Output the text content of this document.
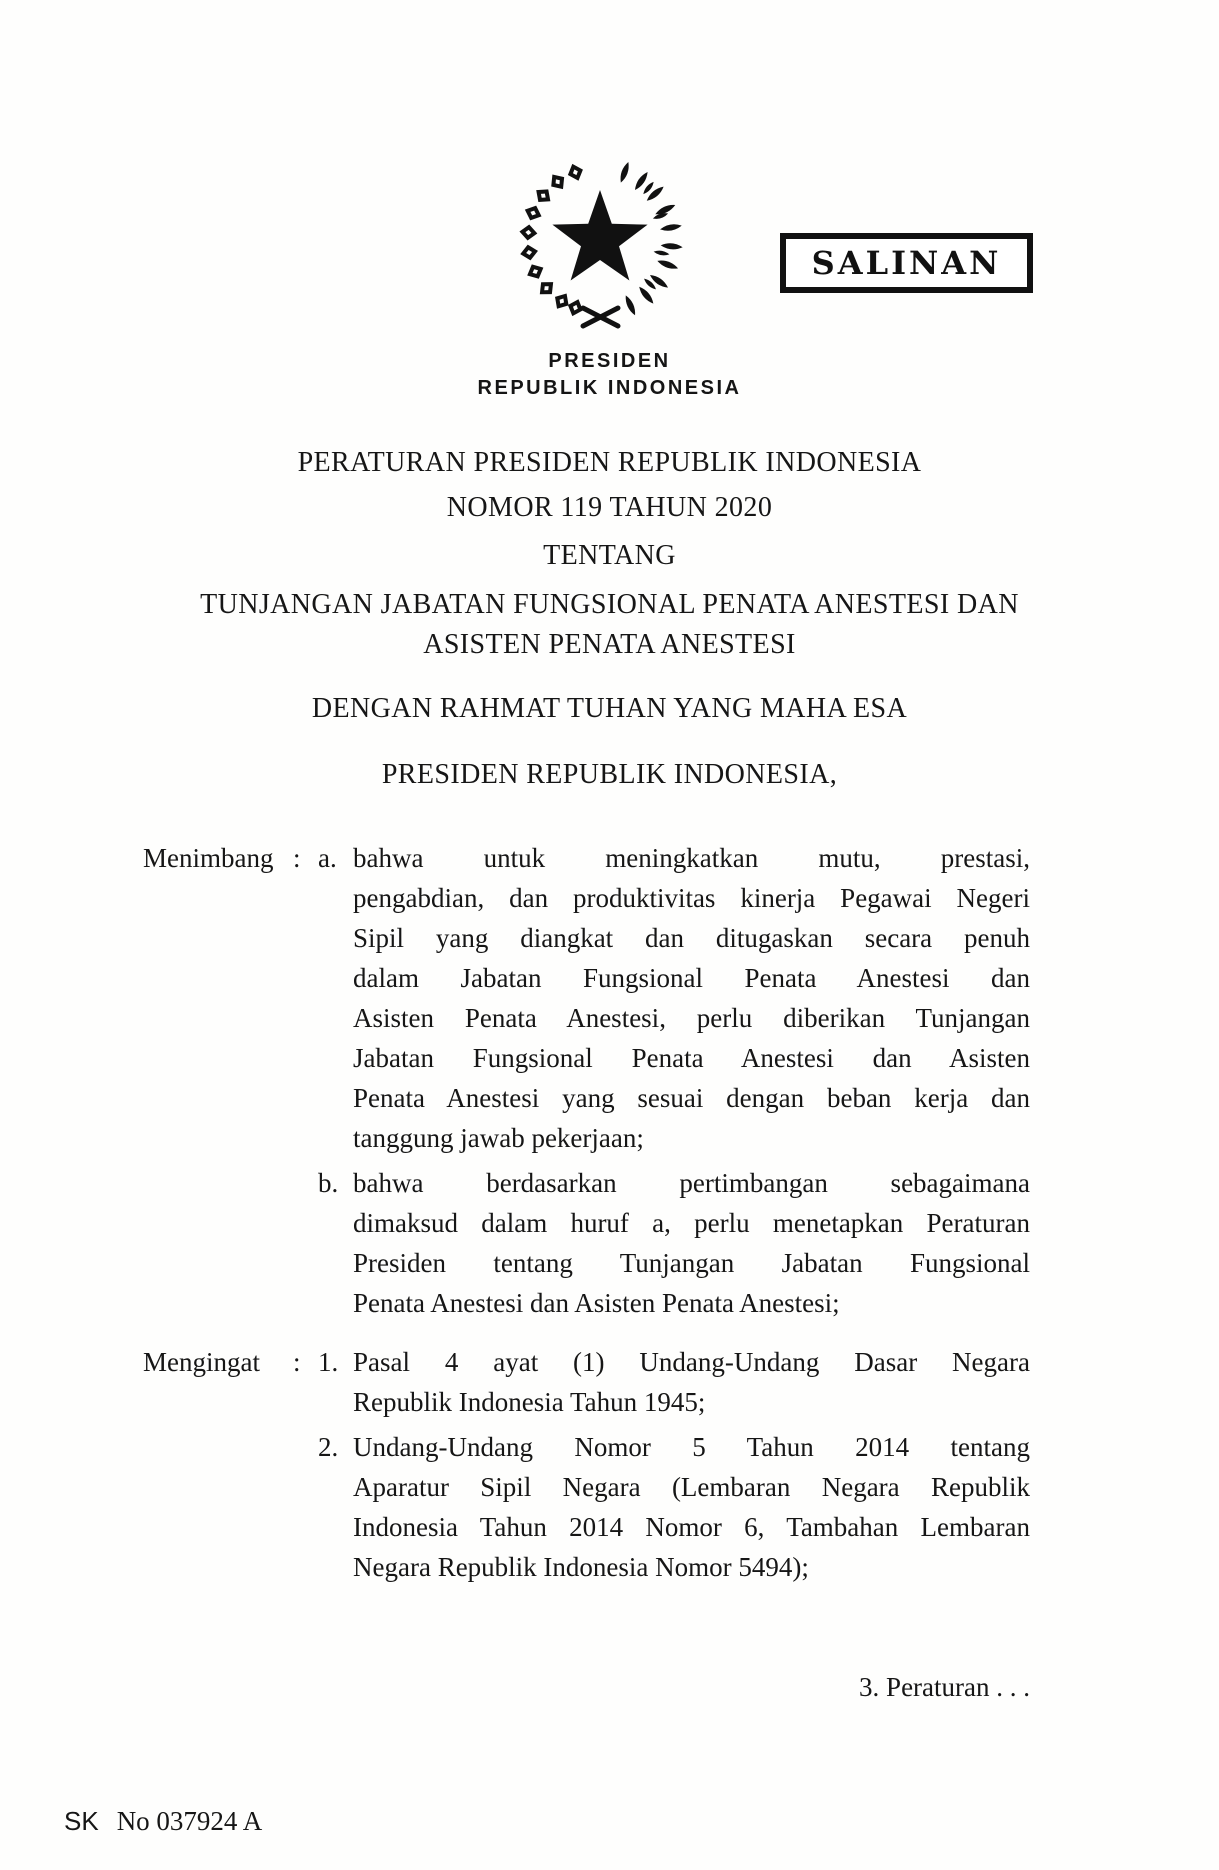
SALINAN
PRESIDEN
REPUBLIK INDONESIA
PERATURAN PRESIDEN REPUBLIK INDONESIA
NOMOR 119 TAHUN 2020
TENTANG
TUNJANGAN JABATAN FUNGSIONAL PENATA ANESTESI DAN
ASISTEN PENATA ANESTESI
DENGAN RAHMAT TUHAN YANG MAHA ESA
PRESIDEN REPUBLIK INDONESIA,
Menimbang : a. bahwa untuk meningkatkan mutu, prestasi,
pengabdian, dan produktivitas kinerja Pegawai Negeri
Sipil yang diangkat dan ditugaskan secara penuh
dalam Jabatan Fungsional Penata Anestesi dan
Asisten Penata Anestesi, perlu diberikan Tunjangan
Jabatan Fungsional Penata Anestesi dan Asisten
Penata Anestesi yang sesuai dengan beban kerja dan
tanggung jawab pekerjaan;
b. bahwa berdasarkan pertimbangan sebagaimana
dimaksud dalam huruf a, perlu menetapkan Peraturan
Presiden tentang Tunjangan Jabatan Fungsional
Penata Anestesi dan Asisten Penata Anestesi;
Mengingat	: 1. Pasal 4 ayat (1) Undang-Undang Dasar Negara
Republik Indonesia Tahun 1945;
2. Undang-Undang Nomor 5 Tahun 2014 tentang
Aparatur Sipil Negara (Lembaran Negara Republik
Indonesia Tahun 2014 Nomor 6, Tambahan Lembaran
Negara Republik Indonesia Nomor 5494);
3. Peraturan . . .
SK No 037924 A
